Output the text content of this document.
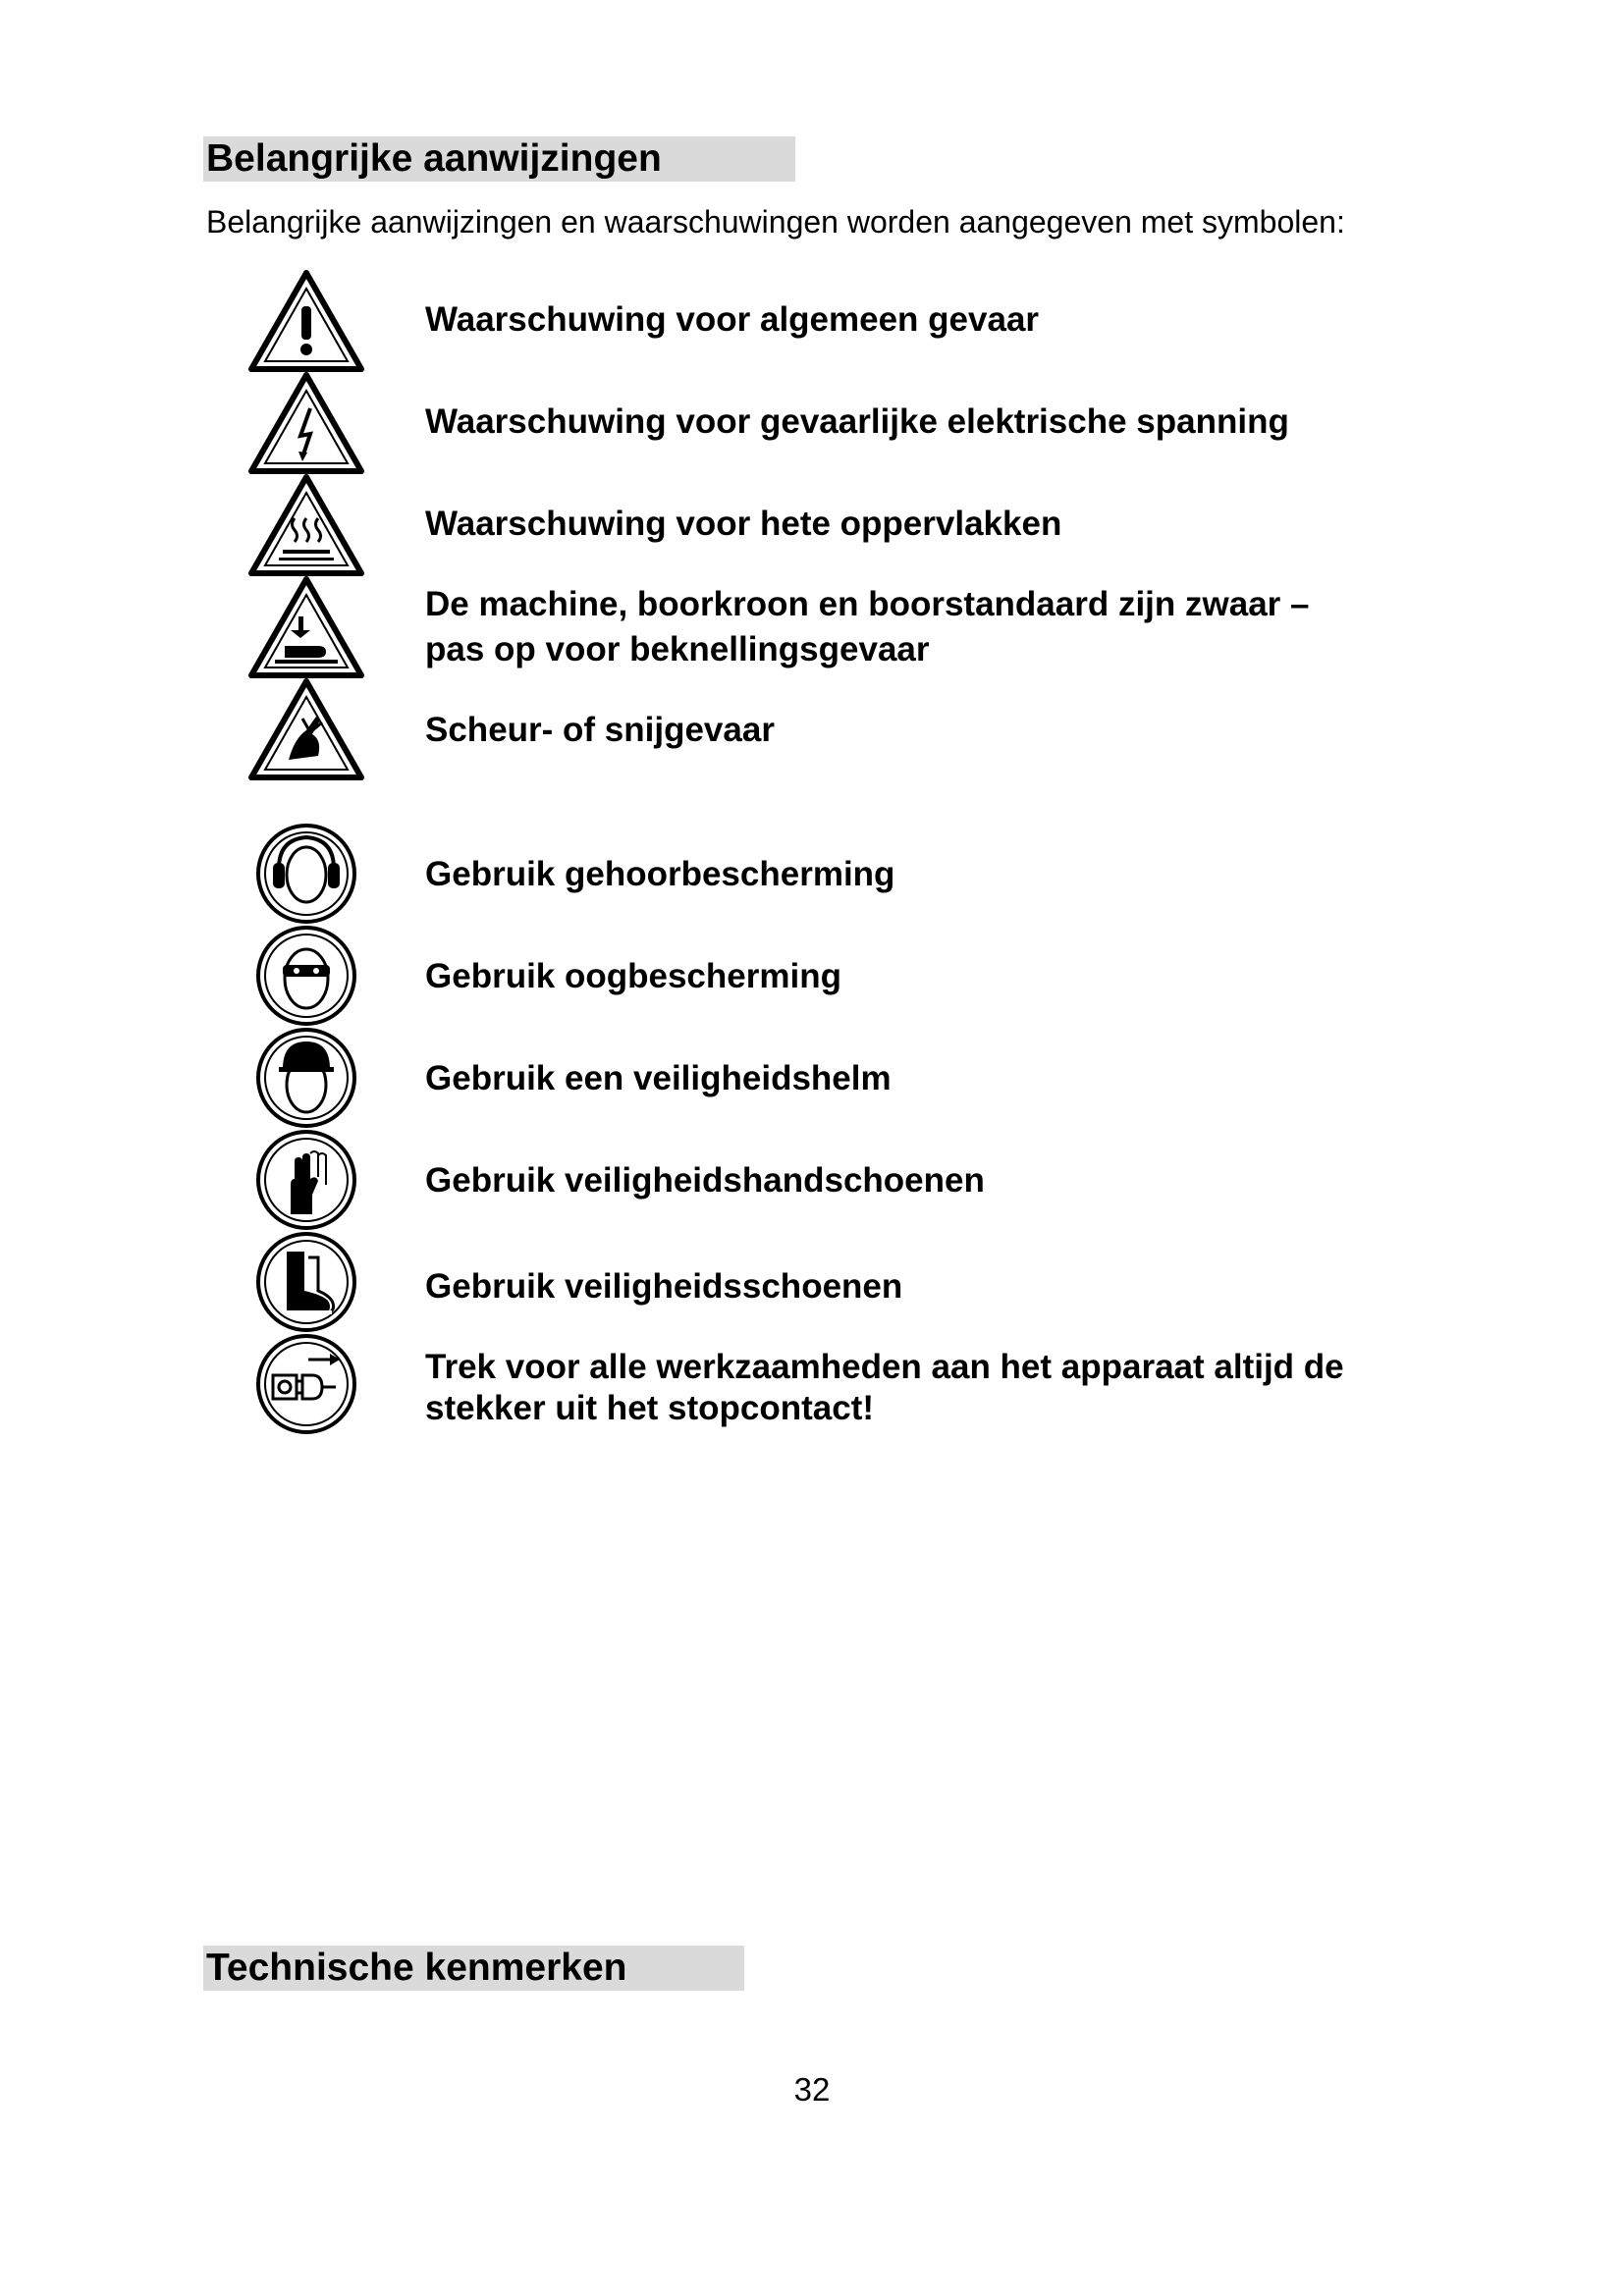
Belangrijke aanwijzingen
Belangrijke aanwijzingen en waarschuwingen worden aangegeven met symbolen:
Waarschuwing voor algemeen gevaar
Waarschuwing voor gevaarlijke elektrische spanning
Waarschuwing voor hete oppervlakken
De machine, boorkroon en boorstandaard zijn zwaar –
pas op voor beknellingsgevaar
Scheur- of snijgevaar
Gebruik gehoorbescherming
Gebruik oogbescherming
Gebruik een veiligheidshelm
Gebruik veiligheidshandschoenen
Gebruik veiligheidsschoenen
Trek voor alle werkzaamheden aan het apparaat altijd de
stekker uit het stopcontact!
Technische kenmerken
32
